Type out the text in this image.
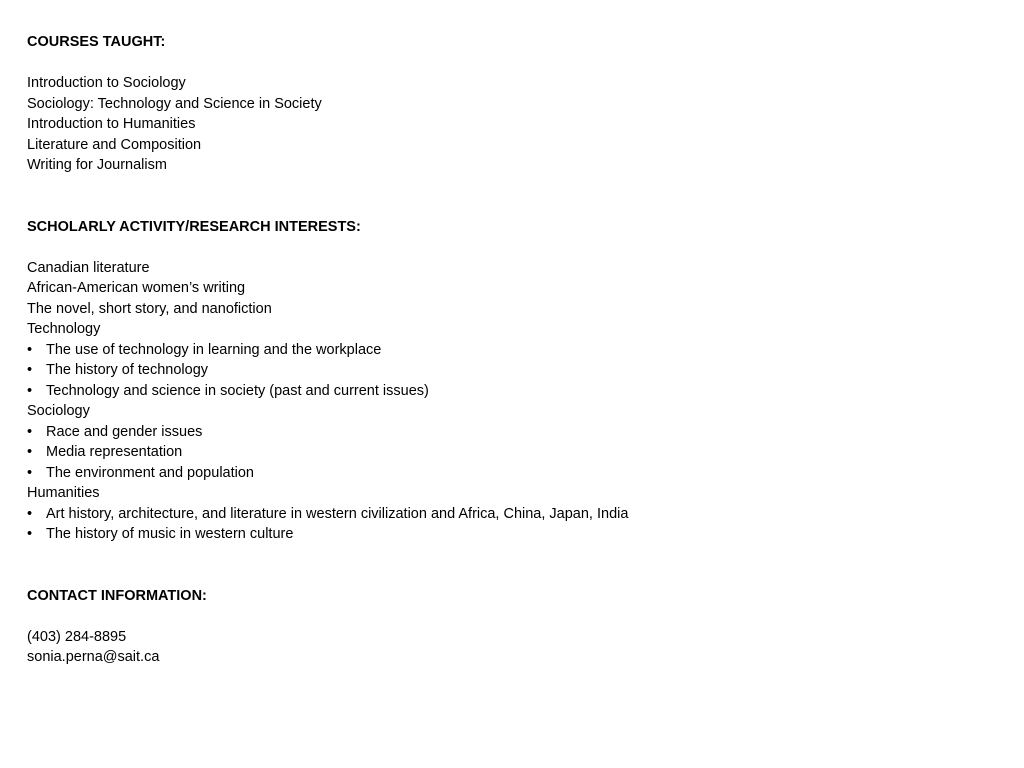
COURSES TAUGHT:
Introduction to Sociology
Sociology: Technology and Science in Society
Introduction to Humanities
Literature and Composition
Writing for Journalism
SCHOLARLY ACTIVITY/RESEARCH INTERESTS:
Canadian literature
African-American women’s writing
The novel, short story, and nanofiction
Technology
• The use of technology in learning and the workplace
• The history of technology
• Technology and science in society (past and current issues)
Sociology
• Race and gender issues
• Media representation
• The environment and population
Humanities
• Art history, architecture, and literature in western civilization and Africa, China, Japan, India
• The history of music in western culture
CONTACT INFORMATION:
(403) 284-8895
sonia.perna@sait.ca
